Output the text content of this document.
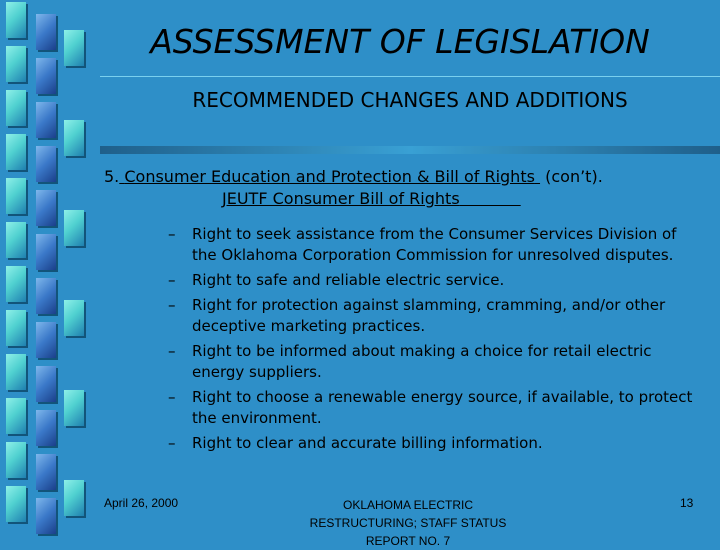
ASSESSMENT OF LEGISLATION
RECOMMENDED CHANGES AND ADDITIONS
5. Consumer Education and Protection & Bill of Rights (con’t).
JEUTF Consumer Bill of Rights
– Right to seek assistance from the Consumer Services Division of the Oklahoma Corporation Commission for unresolved disputes.
– Right to safe and reliable electric service.
– Right for protection against slamming, cramming, and/or other deceptive marketing practices.
– Right to be informed about making a choice for retail electric energy suppliers.
– Right to choose a renewable energy source, if available, to protect the environment.
– Right to clear and accurate billing information.
April 26, 2000	OKLAHOMA ELECTRIC RESTRUCTURING; STAFF STATUS REPORT NO. 7
13
